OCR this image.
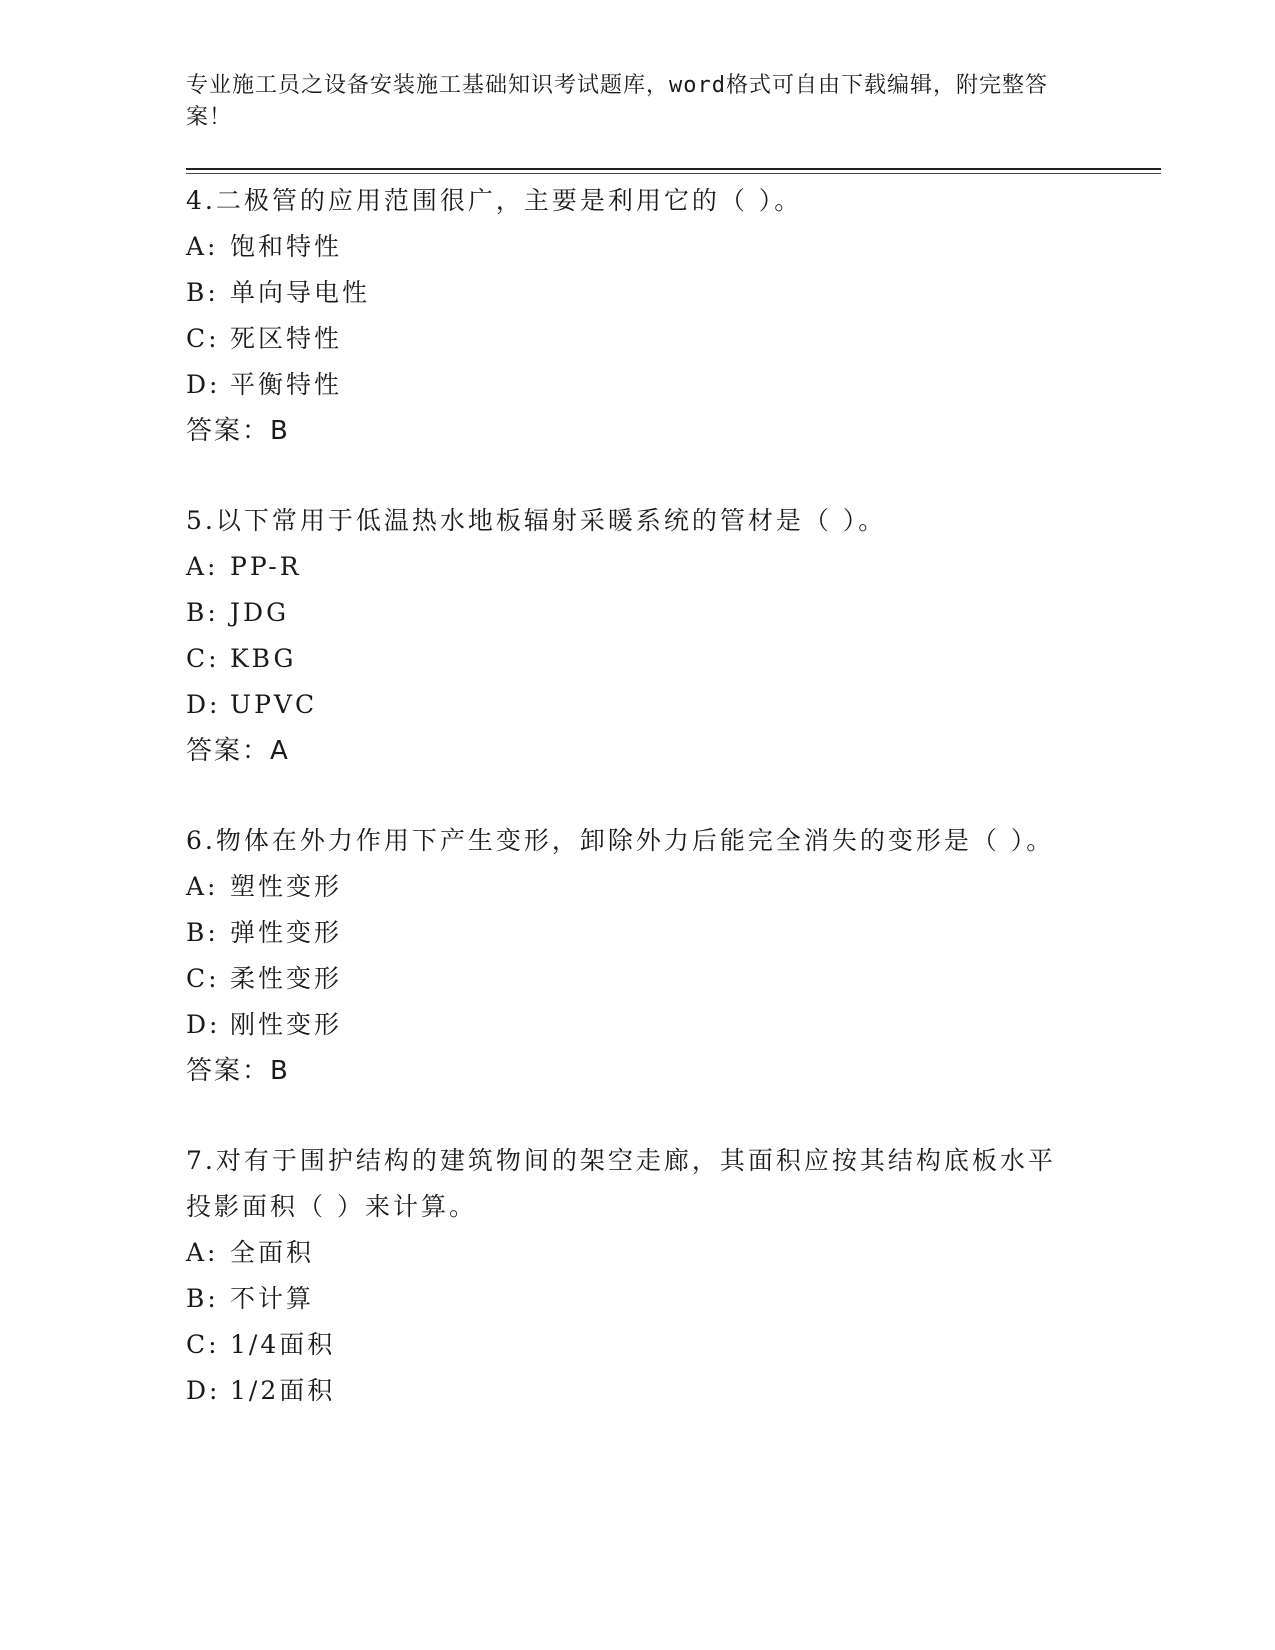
专业施工员之设备安装施工基础知识考试题库，word格式可自由下载编辑，附完整答案！

4.二极管的应用范围很广，主要是利用它的（ ）。

A: 饱和特性
B: 单向导电性
C: 死区特性
D: 平衡特性

答案：B

5.以下常用于低温热水地板辐射采暖系统的管材是（ ）。

A: PP-R
B: JDG
C: KBG
D: UPVC

答案：A

6.物体在外力作用下产生变形，卸除外力后能完全消失的变形是（ ）。

A: 塑性变形
B: 弹性变形
C: 柔性变形
D: 刚性变形

答案：B

7.对有于围护结构的建筑物间的架空走廊，其面积应按其结构底板水平投影面积（ ）来计算。

A: 全面积
B: 不计算
C: 1/4面积
D: 1/2面积
